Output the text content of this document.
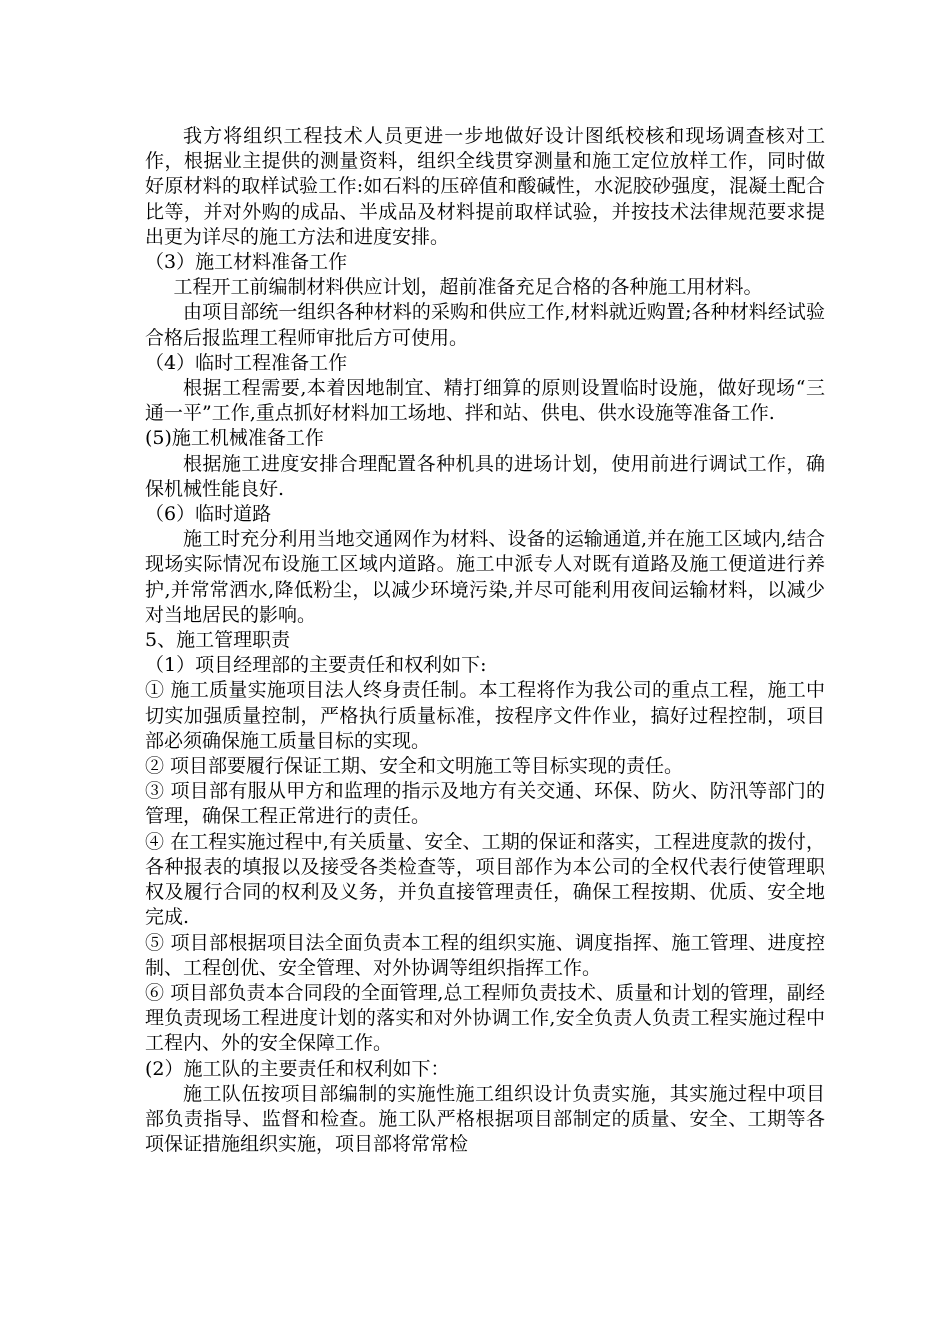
我方将组织工程技术人员更进一步地做好设计图纸校核和现场调查核对工作，根据业主提供的测量资料，组织全线贯穿测量和施工定位放样工作，同时做好原材料的取样试验工作:如石料的压碎值和酸碱性，水泥胶砂强度，混凝土配合比等，并对外购的成品、半成品及材料提前取样试验，并按技术法律规范要求提出更为详尽的施工方法和进度安排。

（3）施工材料准备工作

工程开工前编制材料供应计划，超前准备充足合格的各种施工用材料。

由项目部统一组织各种材料的采购和供应工作,材料就近购置;各种材料经试验合格后报监理工程师审批后方可使用。

（4）临时工程准备工作

根据工程需要,本着因地制宜、精打细算的原则设置临时设施，做好现场“三通一平”工作,重点抓好材料加工场地、拌和站、供电、供水设施等准备工作.

(5)施工机械准备工作

根据施工进度安排合理配置各种机具的进场计划，使用前进行调试工作，确保机械性能良好.

（6）临时道路

施工时充分利用当地交通网作为材料、设备的运输通道,并在施工区域内,结合现场实际情况布设施工区域内道路。施工中派专人对既有道路及施工便道进行养护,并常常洒水,降低粉尘，以减少环境污染,并尽可能利用夜间运输材料，以减少对当地居民的影响。

5、施工管理职责

（1）项目经理部的主要责任和权利如下:

① 施工质量实施项目法人终身责任制。本工程将作为我公司的重点工程，施工中切实加强质量控制，严格执行质量标准，按程序文件作业，搞好过程控制，项目部必须确保施工质量目标的实现。

② 项目部要履行保证工期、安全和文明施工等目标实现的责任。

③ 项目部有服从甲方和监理的指示及地方有关交通、环保、防火、防汛等部门的管理，确保工程正常进行的责任。

④ 在工程实施过程中,有关质量、安全、工期的保证和落实，工程进度款的拨付，各种报表的填报以及接受各类检查等，项目部作为本公司的全权代表行使管理职权及履行合同的权利及义务，并负直接管理责任，确保工程按期、优质、安全地完成.

⑤ 项目部根据项目法全面负责本工程的组织实施、调度指挥、施工管理、进度控制、工程创优、安全管理、对外协调等组织指挥工作。

⑥ 项目部负责本合同段的全面管理,总工程师负责技术、质量和计划的管理，副经理负责现场工程进度计划的落实和对外协调工作,安全负责人负责工程实施过程中工程内、外的安全保障工作。

(2）施工队的主要责任和权利如下：

施工队伍按项目部编制的实施性施工组织设计负责实施，其实施过程中项目部负责指导、监督和检查。施工队严格根据项目部制定的质量、安全、工期等各项保证措施组织实施，项目部将常常检
